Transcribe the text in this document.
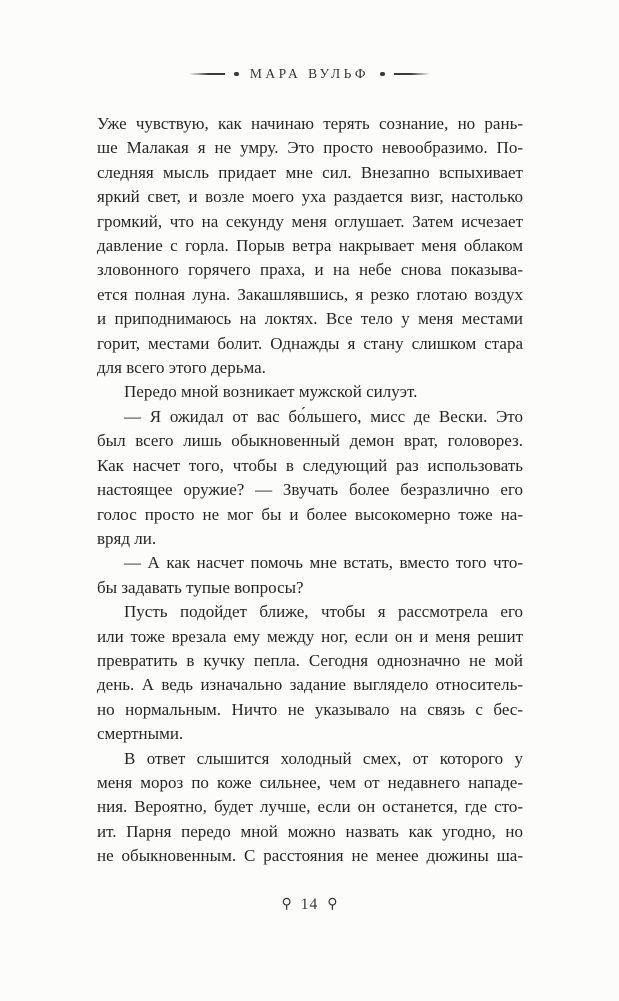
МАРА ВУЛЬФ
Уже чувствую, как начинаю терять сознание, но рань-
ше Малакая я не умру. Это просто невообразимо. По-
следняя мысль придает мне сил. Внезапно вспыхивает
яркий свет, и возле моего уха раздается визг, настолько
громкий, что на секунду меня оглушает. Затем исчезает
давление с горла. Порыв ветра накрывает меня облаком
зловонного горячего праха, и на небе снова показыва-
ется полная луна. Закашлявшись, я резко глотаю воздух
и приподнимаюсь на локтях. Все тело у меня местами
горит, местами болит. Однажды я стану слишком стара
для всего этого дерьма.
Передо мной возникает мужской силуэт.
— Я ожидал от вас бо́льшего, мисс де Вески. Это
был всего лишь обыкновенный демон врат, головорез.
Как насчет того, чтобы в следующий раз использовать
настоящее оружие? — Звучать более безразлично его
голос просто не мог бы и более высокомерно тоже на-
вряд ли.
— А как насчет помочь мне встать, вместо того что-
бы задавать тупые вопросы?
Пусть подойдет ближе, чтобы я рассмотрела его
или тоже врезала ему между ног, если он и меня решит
превратить в кучку пепла. Сегодня однозначно не мой
день. А ведь изначально задание выглядело относитель-
но нормальным. Ничто не указывало на связь с бес-
смертными.
В ответ слышится холодный смех, от которого у
меня мороз по коже сильнее, чем от недавнего нападе-
ния. Вероятно, будет лучше, если он останется, где сто-
ит. Парня передо мной можно назвать как угодно, но
не обыкновенным. С расстояния не менее дюжины ша-
⚲ 14 ⚲
